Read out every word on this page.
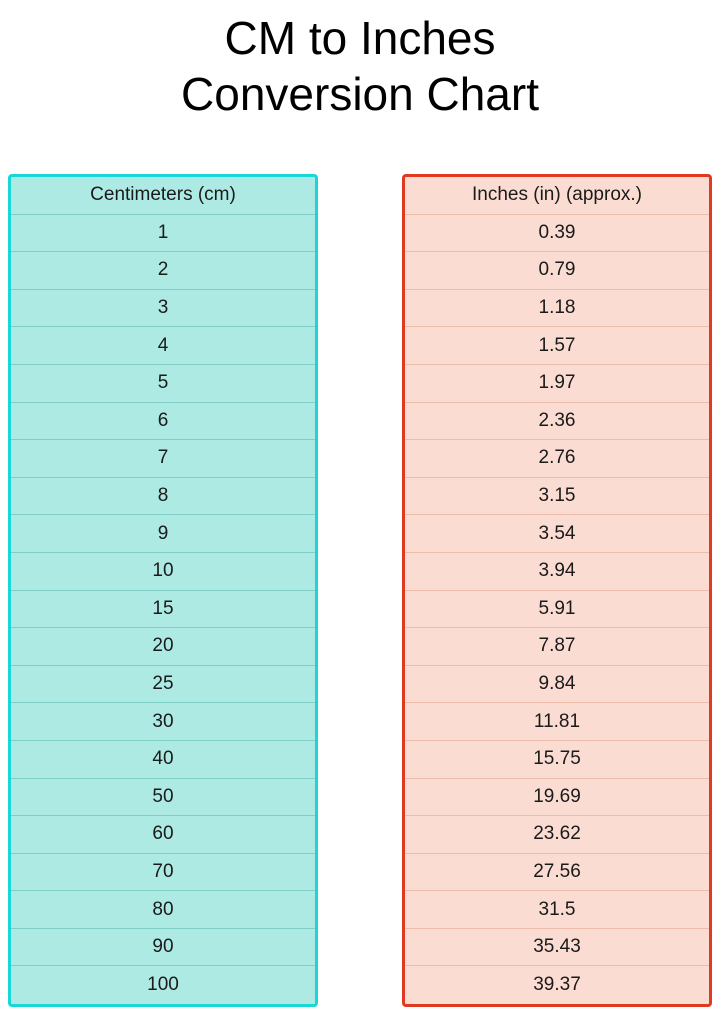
CM to Inches
Conversion Chart
Centimeters (cm)
1
2
3
4
5
6
7
8
9
10
15
20
25
30
40
50
60
70
80
90
100
Inches (in) (approx.)
0.39
0.79
1.18
1.57
1.97
2.36
2.76
3.15
3.54
3.94
5.91
7.87
9.84
11.81
15.75
19.69
23.62
27.56
31.5
35.43
39.37
